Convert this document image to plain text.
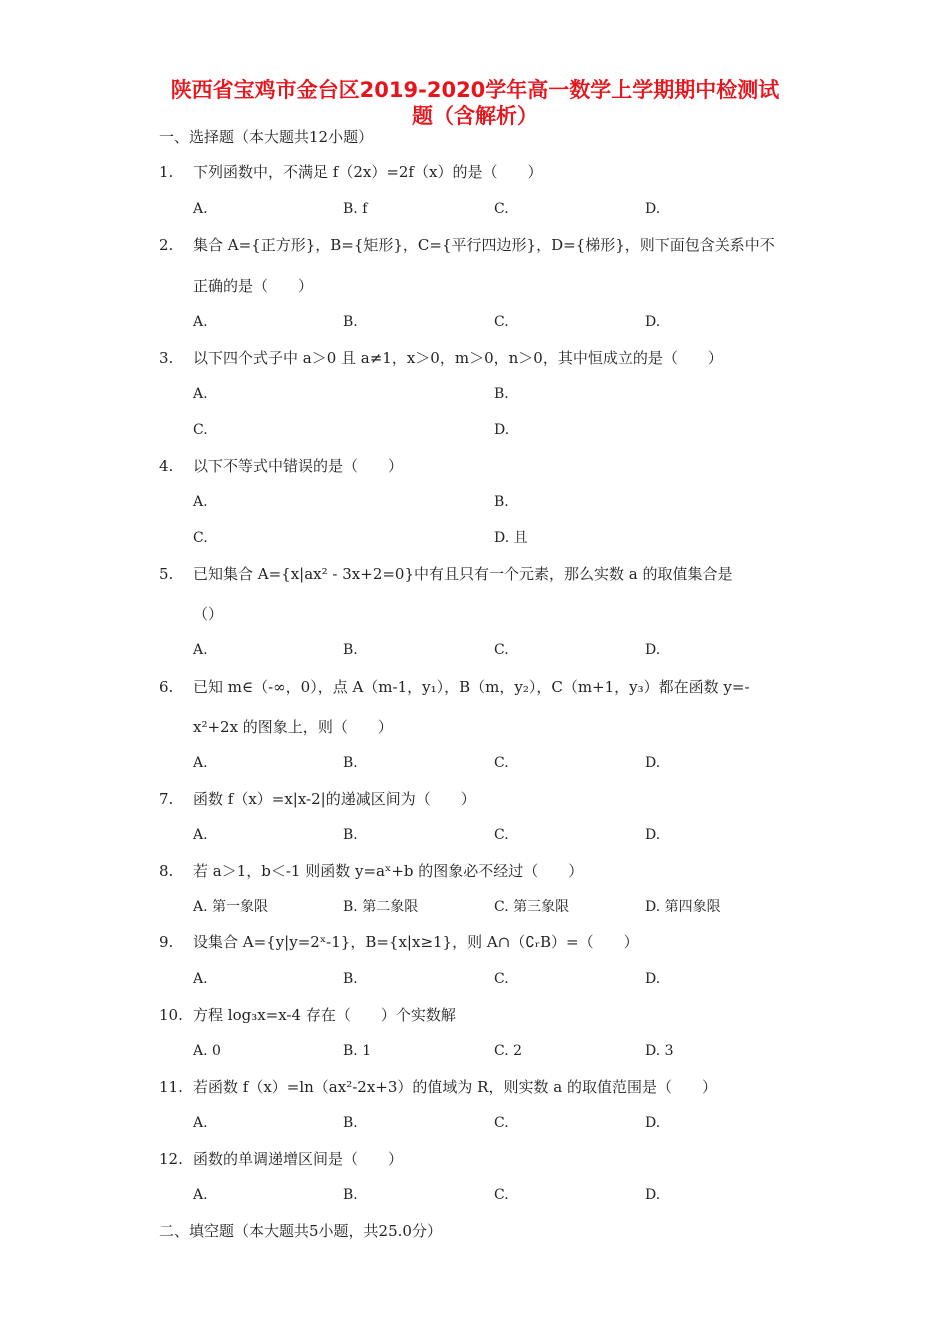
陕西省宝鸡市金台区2019-2020学年高一数学上学期期中检测试
题（含解析）
一、选择题（本大题共12小题）
1. 下列函数中，不满足 f（2x）=2f（x）的是（　　）
A.	B. f	C.	D.
2. 集合 A={正方形}，B={矩形}，C={平行四边形}，D={梯形}，则下面包含关系中不
正确的是（　　）
A.	B.	C.	D.
3. 以下四个式子中 a＞0 且 a≠1，x＞0，m＞0，n＞0，其中恒成立的是（　　）
A.	B.
C.	D.
4. 以下不等式中错误的是（　　）
A.	B.
C.	D. 且
5. 已知集合 A={x|ax² - 3x+2=0}中有且只有一个元素，那么实数 a 的取值集合是
（）
A.	B.	C.	D.
6. 已知 m∈（-∞，0），点 A（m-1，y₁），B（m，y₂），C（m+1，y₃）都在函数 y=-
x²+2x 的图象上，则（　　）
A.	B.	C.	D.
7. 函数 f（x）=x|x-2|的递减区间为（　　）
A.	B.	C.	D.
8. 若 a＞1，b＜-1 则函数 y=aˣ+b 的图象必不经过（　　）
A. 第一象限	B. 第二象限	C. 第三象限	D. 第四象限
9. 设集合 A={y|y=2ˣ-1}，B={x|x≥1}，则 A∩（∁ᵣB）=（　　）
A.	B.	C.	D.
10. 方程 log₃x=x-4 存在（　　）个实数解
A. 0	B. 1	C. 2	D. 3
11. 若函数 f（x）=ln（ax²-2x+3）的值域为 R，则实数 a 的取值范围是（　　）
A.	B.	C.	D.
12. 函数的单调递增区间是（　　）
A.	B.	C.	D.
二、填空题（本大题共5小题，共25.0分）
